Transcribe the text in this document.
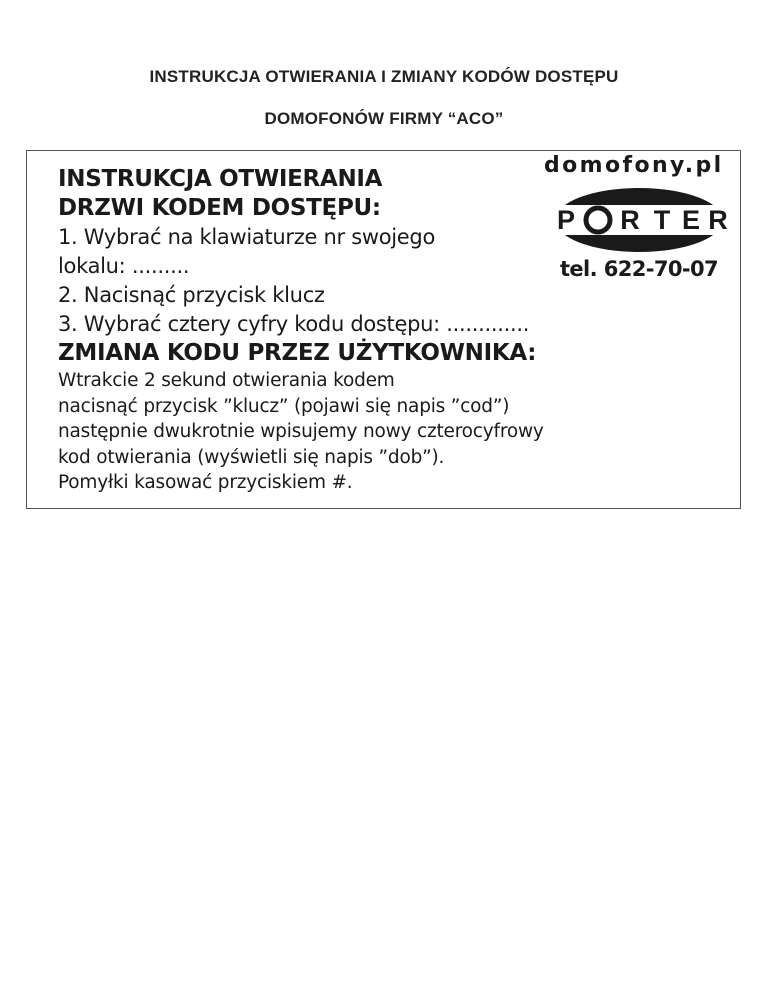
INSTRUKCJA OTWIERANIA I ZMIANY KODÓW DOSTĘPU
DOMOFONÓW FIRMY “ACO”
INSTRUKCJA OTWIERANIA
DRZWI KODEM DOSTĘPU:
1. Wybrać na klawiaturze nr swojego
lokalu: .........
2. Nacisnąć przycisk klucz
3. Wybrać cztery cyfry kodu dostępu: .............
ZMIANA KODU PRZEZ UŻYTKOWNIKA:
Wtrakcie 2 sekund otwierania kodem
nacisnąć przycisk ”klucz” (pojawi się napis ”cod”)
następnie dwukrotnie wpisujemy nowy czterocyfrowy
kod otwierania (wyświetli się napis ”dob”).
Pomyłki kasować przyciskiem #.
domofony.pl
P R T E R
tel. 622-70-07
